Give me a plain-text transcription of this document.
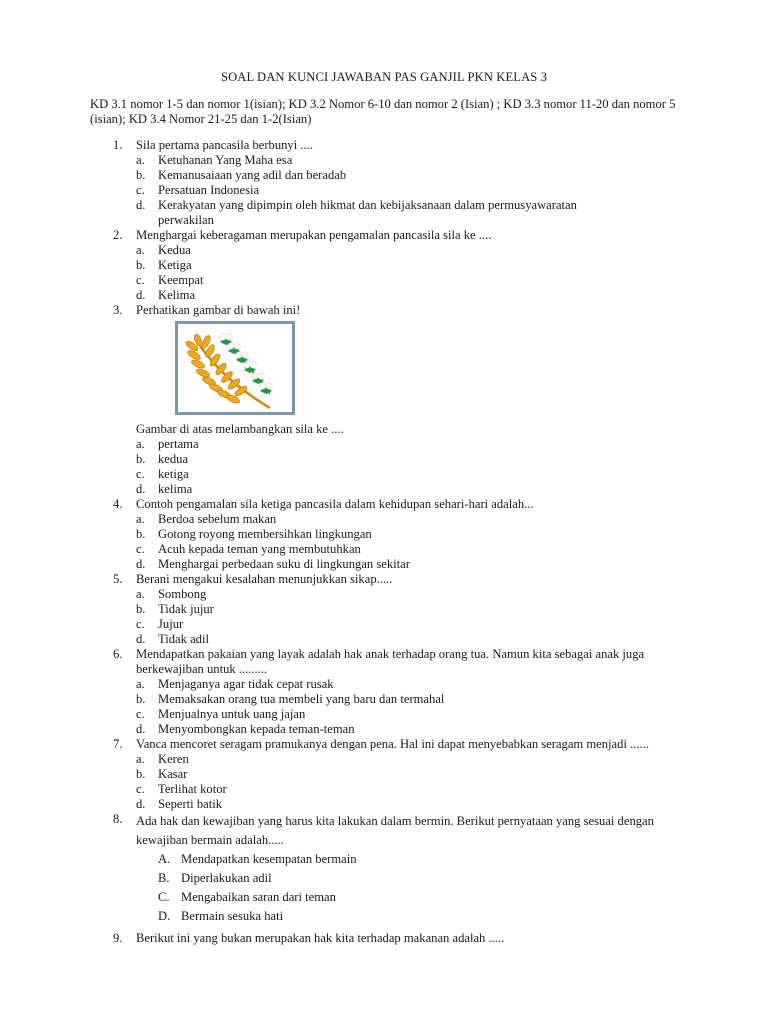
SOAL DAN KUNCI JAWABAN PAS GANJIL PKN KELAS 3
KD 3.1 nomor 1-5 dan nomor 1(isian); KD 3.2 Nomor 6-10 dan nomor 2 (Isian) ; KD 3.3 nomor 11-20 dan nomor 5 (isian); KD 3.4 Nomor 21-25 dan 1-2(Isian)
1. Sila pertama pancasila berbunyi ....
a. Ketuhanan Yang Maha esa
b. Kemanusaiaan yang adil dan beradab
c. Persatuan Indonesia
d. Kerakyatan yang dipimpin oleh hikmat dan kebijaksanaan dalam permusyawaratan perwakilan
2. Menghargai keberagaman merupakan pengamalan pancasila sila ke ....
a. Kedua
b. Ketiga
c. Keempat
d. Kelima
3. Perhatikan gambar di bawah ini!
Gambar di atas melambangkan sila ke ....
a. pertama
b. kedua
c. ketiga
d. kelima
4. Contoh pengamalan sila ketiga pancasila dalam kehidupan sehari-hari adalah...
a. Berdoa sebelum makan
b. Gotong royong membersihkan lingkungan
c. Acuh kepada teman yang membutuhkan
d. Menghargai perbedaan suku di lingkungan sekitar
5. Berani mengakui kesalahan menunjukkan sikap.....
a. Sombong
b. Tidak jujur
c. Jujur
d. Tidak adil
6. Mendapatkan pakaian yang layak adalah hak anak terhadap orang tua. Namun kita sebagai anak juga berkewajiban untuk .........
a. Menjaganya agar tidak cepat rusak
b. Memaksakan orang tua membeli yang baru dan termahal
c. Menjualnya untuk uang jajan
d. Menyombongkan kepada teman-teman
7. Vanca mencoret seragam pramukanya dengan pena. Hal ini dapat menyebabkan seragam menjadi ......
a. Keren
b. Kasar
c. Terlihat kotor
d. Seperti batik
8. Ada hak dan kewajiban yang harus kita lakukan dalam bermin. Berikut pernyataan yang sesuai dengan kewajiban bermain adalah.....
A. Mendapatkan kesempatan bermain
B. Diperlakukan adil
C. Mengabaikan saran dari teman
D. Bermain sesuka hati
9. Berikut ini yang bukan merupakan hak kita terhadap makanan adalah .....
